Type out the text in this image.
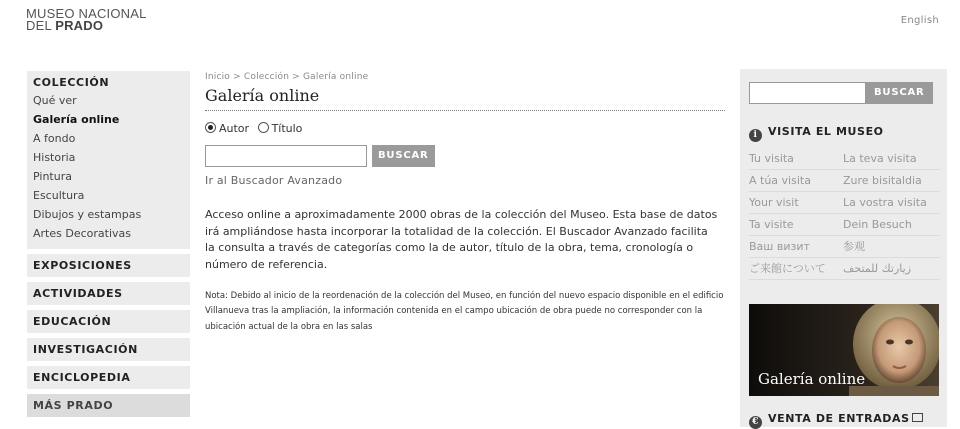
MUSEO NACIONAL
DEL PRADO	English
COLECCIÓN
Qué ver
Galería online
A fondo
Historia
Pintura
Escultura
Dibujos y estampas
Artes Decorativas
EXPOSICIONES
ACTIVIDADES
EDUCACIÓN
INVESTIGACIÓN
ENCICLOPEDIA
MÁS PRADO
Inicio > Colección > Galería online
Galería online
Autor Título
BUSCAR
Ir al Buscador Avanzado
Acceso online a aproximadamente 2000 obras de la colección del Museo. Esta base de datos irá ampliándose hasta incorporar la totalidad de la colección. El Buscador Avanzado facilita la consulta a través de categorías como la de autor, título de la obra, tema, cronología o número de referencia.
Nota: Debido al inicio de la reordenación de la colección del Museo, en función del nuevo espacio disponible en el edificio Villanueva tras la ampliación, la información contenida en el campo ubicación de obra puede no corresponder con la ubicación actual de la obra en las salas
BUSCAR
i VISITA EL MUSEO
Tu visita	La teva visita
A túa visita	Zure bisitaldia
Your visit	La vostra visita
Ta visite	Dein Besuch
Ваш визит	参观
ご来館について زيارتك للمتحف
Galería online
€ VENTA DE ENTRADAS
